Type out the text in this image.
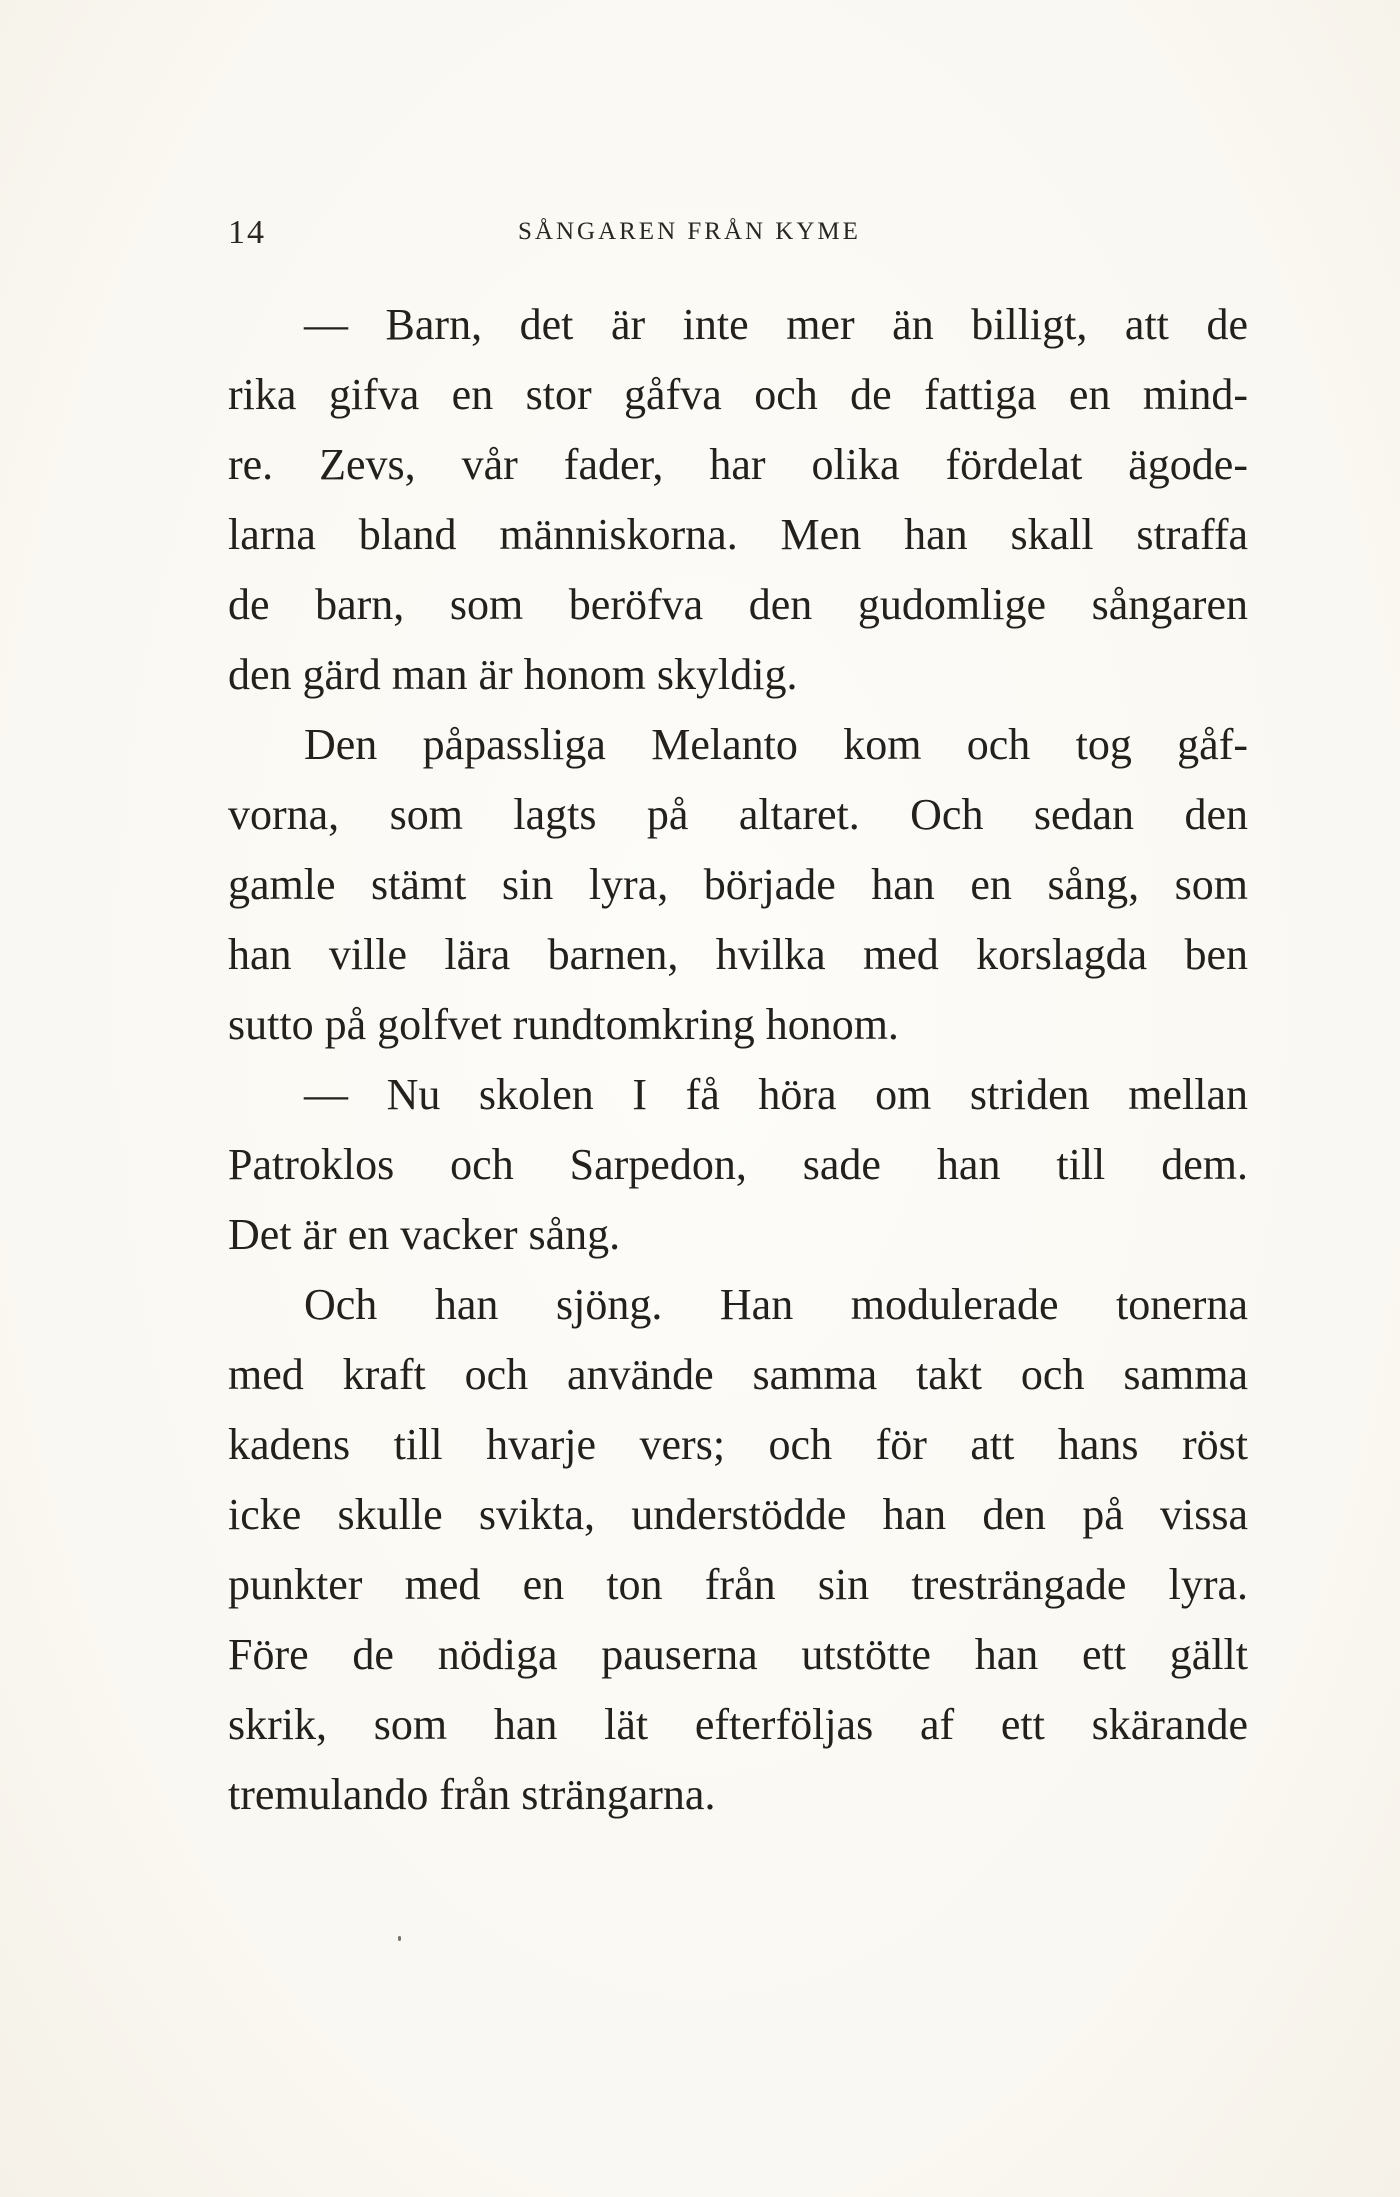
14	SÅNGAREN FRÅN KYME
— Barn, det är inte mer än billigt, att de
rika gifva en stor gåfva och de fattiga en mind-
re. Zevs, vår fader, har olika fördelat ägode-
larna bland människorna. Men han skall straffa
de barn, som beröfva den gudomlige sångaren
den gärd man är honom skyldig.
Den påpassliga Melanto kom och tog gåf-
vorna, som lagts på altaret. Och sedan den
gamle stämt sin lyra, började han en sång, som
han ville lära barnen, hvilka med korslagda ben
sutto på golfvet rundtomkring honom.
— Nu skolen I få höra om striden mellan
Patroklos och Sarpedon, sade han till dem.
Det är en vacker sång.
Och han sjöng. Han modulerade tonerna
med kraft och använde samma takt och samma
kadens till hvarje vers; och för att hans röst
icke skulle svikta, understödde han den på vissa
punkter med en ton från sin tresträngade lyra.
Före de nödiga pauserna utstötte han ett gällt
skrik, som han lät efterföljas af ett skärande
tremulando från strängarna.
